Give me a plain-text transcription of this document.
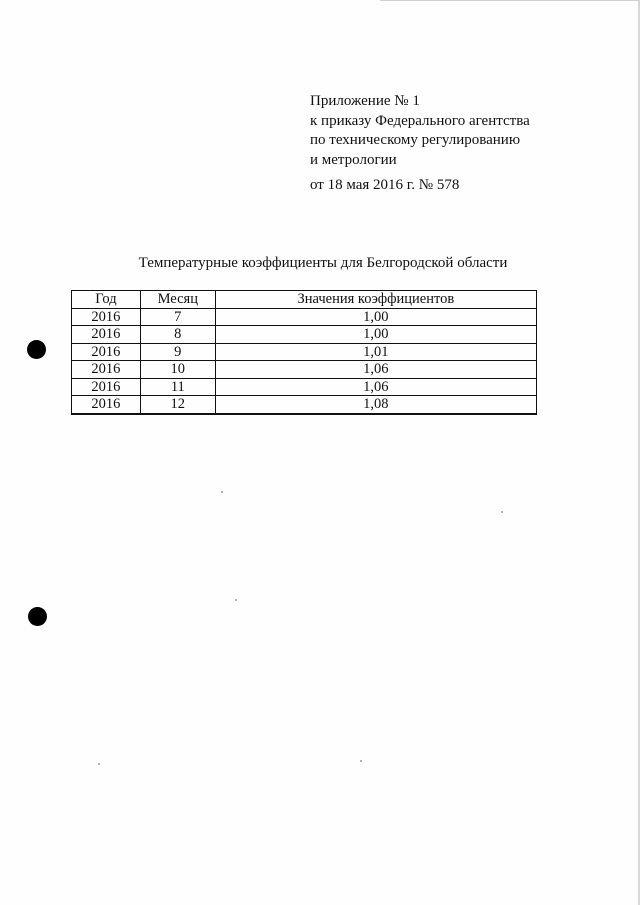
Приложение № 1
к приказу Федерального агентства
по техническому регулированию
и метрологии
от 18 мая 2016 г. № 578
Температурные коэффициенты для Белгородской области
Год	Месяц	Значения коэффициентов
2016	7	1,00
2016	8	1,00
2016	9	1,01
2016	10	1,06
2016	11	1,06
2016	12	1,08
